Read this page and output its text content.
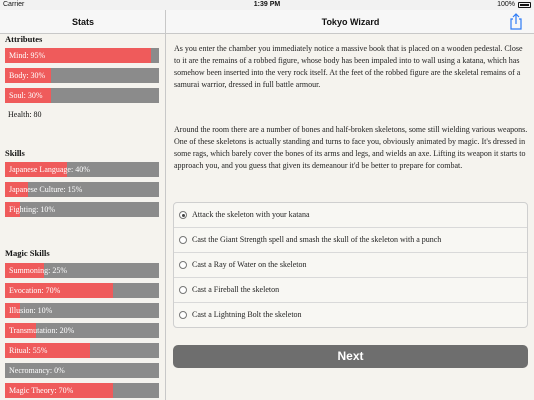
Carrier	1:39 PM	100%
Stats	Tokyo Wizard
Attributes
Mind: 95%
Body: 30%
Soul: 30%
Health: 80
Skills
Japanese Language: 40%
Japanese Culture: 15%
Fighting: 10%
Magic Skills
Summoning: 25%
Evocation: 70%
Illusion: 10%
Transmutation: 20%
Ritual: 55%
Necromancy: 0%
Magic Theory: 70%

As you enter the chamber you immediately notice a massive book that is placed on a wooden pedestal. Close to it are the remains of a robbed figure, whose body has been impaled into to wall using a katana, which has somehow been inserted into the very rock itself. At the feet of the robbed figure are the skeletal remains of a samurai warrior, dressed in full battle armour.

Around the room there are a number of bones and half-broken skeletons, some still wielding various weapons. One of these skeletons is actually standing and turns to face you, obviously animated by magic. It's dressed in some rags, which barely cover the bones of its arms and legs, and wields an axe. Lifting its weapon it starts to approach you, and you guess that given its demeanour it'd be better to prepare for combat.

Attack the skeleton with your katana
Cast the Giant Strength spell and smash the skull of the skeleton with a punch
Cast a Ray of Water on the skeleton
Cast a Fireball the skeleton
Cast a Lightning Bolt the skeleton
Next
